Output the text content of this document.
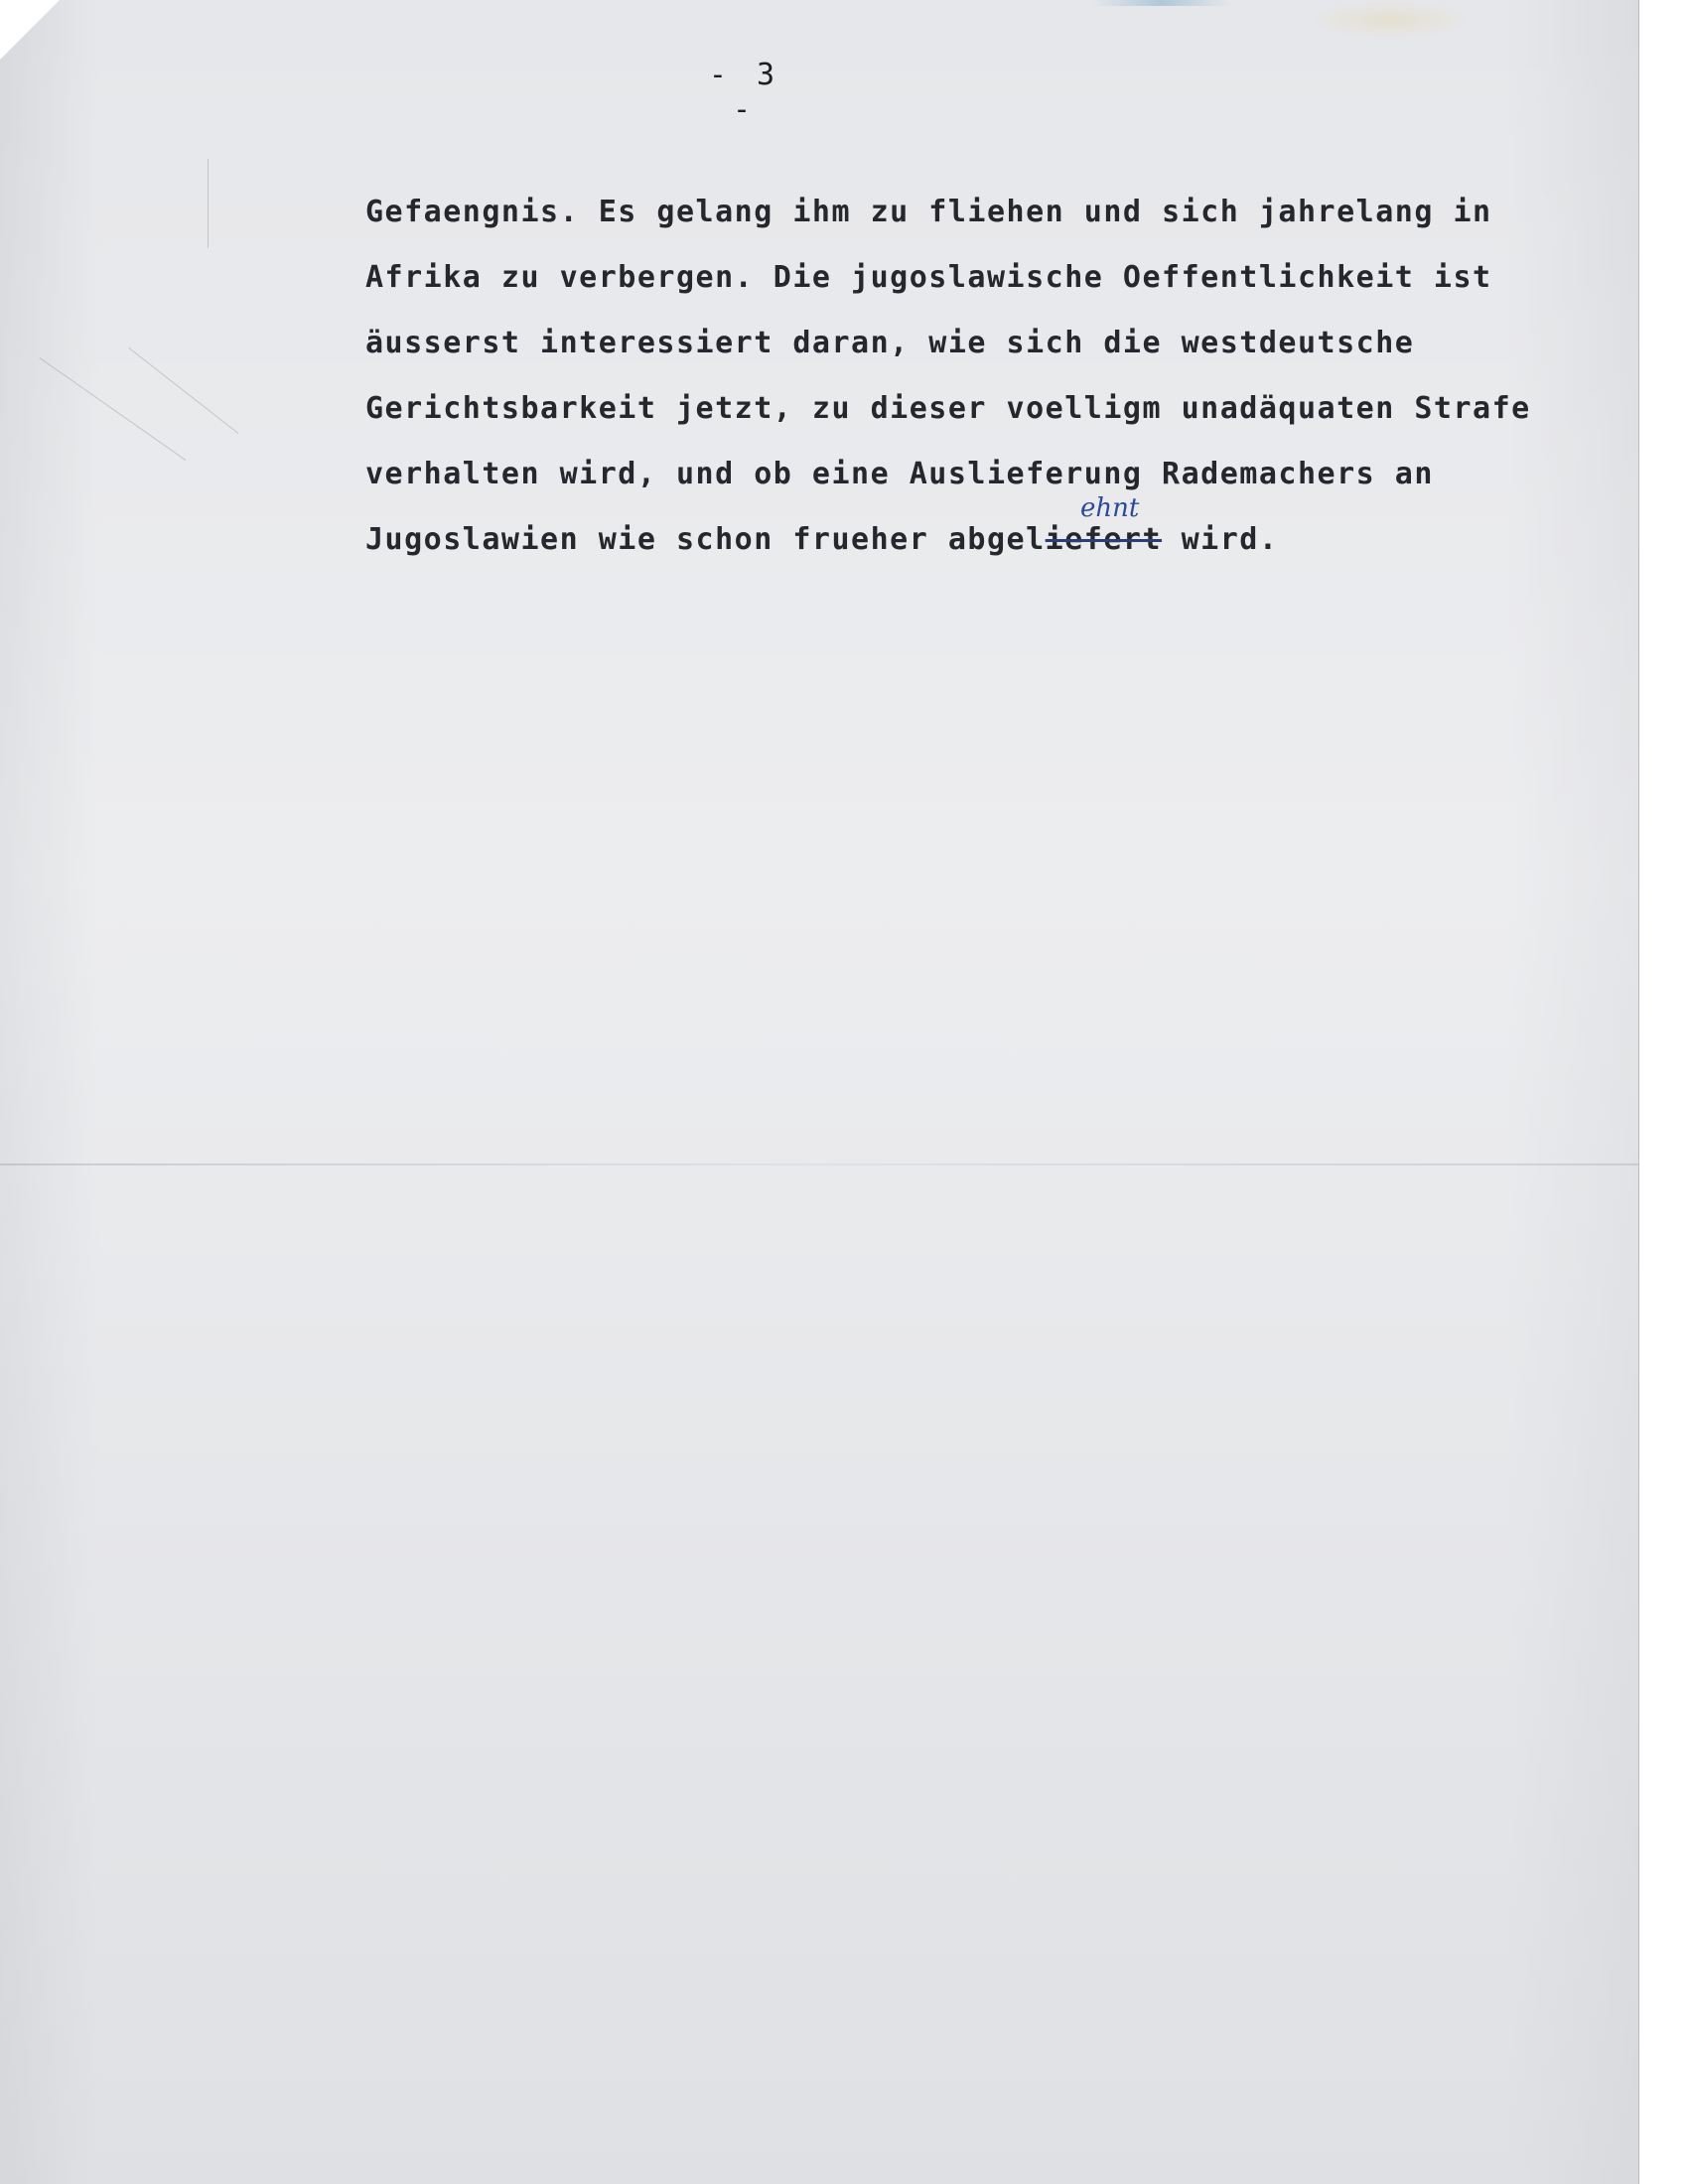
- 3 -
Gefaengnis. Es gelang ihm zu fliehen und sich jahrelang in
Afrika zu verbergen. Die jugoslawische Oeffentlichkeit ist
äusserst interessiert daran, wie sich die westdeutsche
Gerichtsbarkeit jetzt, zu dieser voelligm unadäquaten Strafe
verhalten wird, und ob eine Auslieferung Rademachers an
Jugoslawien wie schon frueher abgeliefert wird.
ehnt
